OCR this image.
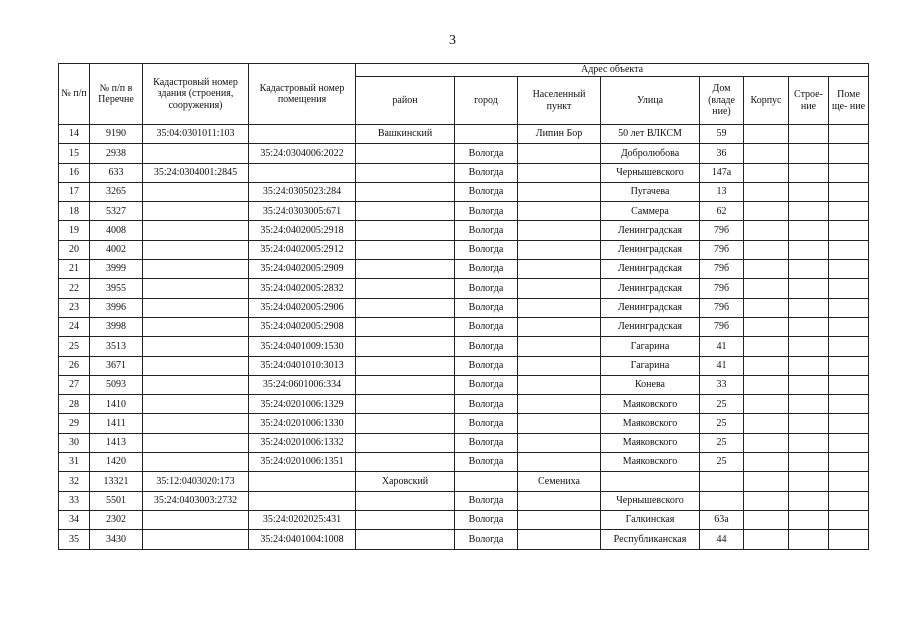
3
№ п/п	№ п/п в Перечне	Кадастровый номер здания (строения, сооружения)	Кадастровый номер помещения	Адрес объекта							
				район	город	Населенный пункт	Улица	Дом (владе ние)	Корпус	Строе- ние	Поме ще- ние
14	9190	35:04:0301011:103		Вашкинский		Липин Бор	50 лет ВЛКСМ	59			
15	2938		35:24:0304006:2022		Вологда		Добролюбова	36			
16	633	35:24:0304001:2845			Вологда		Чернышевского	147а			
17	3265		35:24:0305023:284		Вологда		Пугачева	13			
18	5327		35:24:0303005:671		Вологда		Саммера	62			
19	4008		35:24:0402005:2918		Вологда		Ленинградская	79б			
20	4002		35:24:0402005:2912		Вологда		Ленинградская	79б			
21	3999		35:24:0402005:2909		Вологда		Ленинградская	79б			
22	3955		35:24:0402005:2832		Вологда		Ленинградская	79б			
23	3996		35:24:0402005:2906		Вологда		Ленинградская	79б			
24	3998		35:24:0402005:2908		Вологда		Ленинградская	79б			
25	3513		35:24:0401009:1530		Вологда		Гагарина	41			
26	3671		35:24:0401010:3013		Вологда		Гагарина	41			
27	5093		35:24:0601006:334		Вологда		Конева	33			
28	1410		35:24:0201006:1329		Вологда		Маяковского	25			
29	1411		35:24:0201006:1330		Вологда		Маяковского	25			
30	1413		35:24:0201006:1332		Вологда		Маяковского	25			
31	1420		35:24:0201006:1351		Вологда		Маяковского	25			
32	13321	35:12:0403020:173		Харовский		Семениха					
33	5501	35:24:0403003:2732			Вологда		Чернышевского				
34	2302		35:24:0202025:431		Вологда		Галкинская	63а			
35	3430		35:24:0401004:1008		Вологда		Республиканская	44			
